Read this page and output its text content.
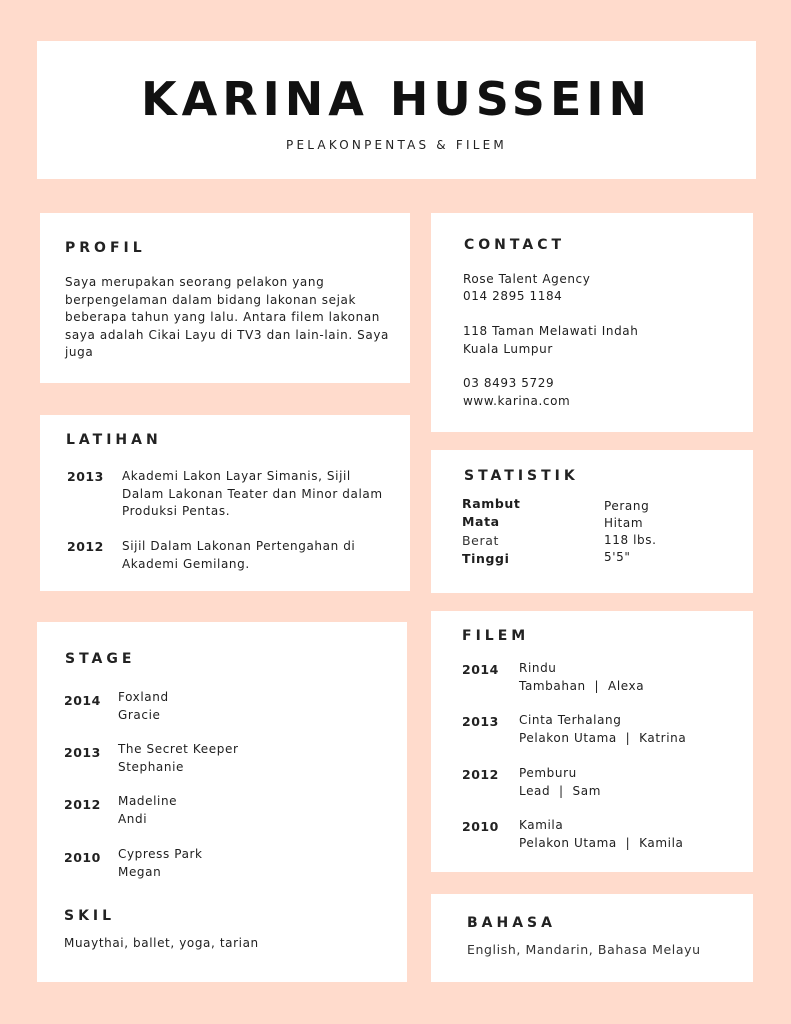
KARINA HUSSEIN
PELAKONPENTAS & FILEM
PROFIL
Saya merupakan seorang pelakon yang berpengelaman dalam bidang lakonan sejak beberapa tahun yang lalu. Antara filem lakonan saya adalah Cikai Layu di TV3 dan lain-lain. Saya juga
CONTACT
Rose Talent Agency
014 2895 1184
118 Taman Melawati Indah
Kuala Lumpur
03 8493 5729
www.karina.com
LATIHAN
2013 Akademi Lakon Layar Simanis, Sijil Dalam Lakonan Teater dan Minor dalam Produksi Pentas.
2012 Sijil Dalam Lakonan Pertengahan di Akademi Gemilang.
STATISTIK
Rambut	Perang
Mata	Hitam
Berat	118 lbs.
Tinggi	5'5"
STAGE
2014 Foxland
Gracie
2013 The Secret Keeper
Stephanie
2012 Madeline
Andi
2010 Cypress Park
Megan
SKIL
Muaythai, ballet, yoga, tarian
FILEM
2014 Rindu
Tambahan  |  Alexa
2013 Cinta Terhalang
Pelakon Utama  |  Katrina
2012 Pemburu
Lead  |  Sam
2010 Kamila
Pelakon Utama  |  Kamila
BAHASA
English, Mandarin, Bahasa Melayu
